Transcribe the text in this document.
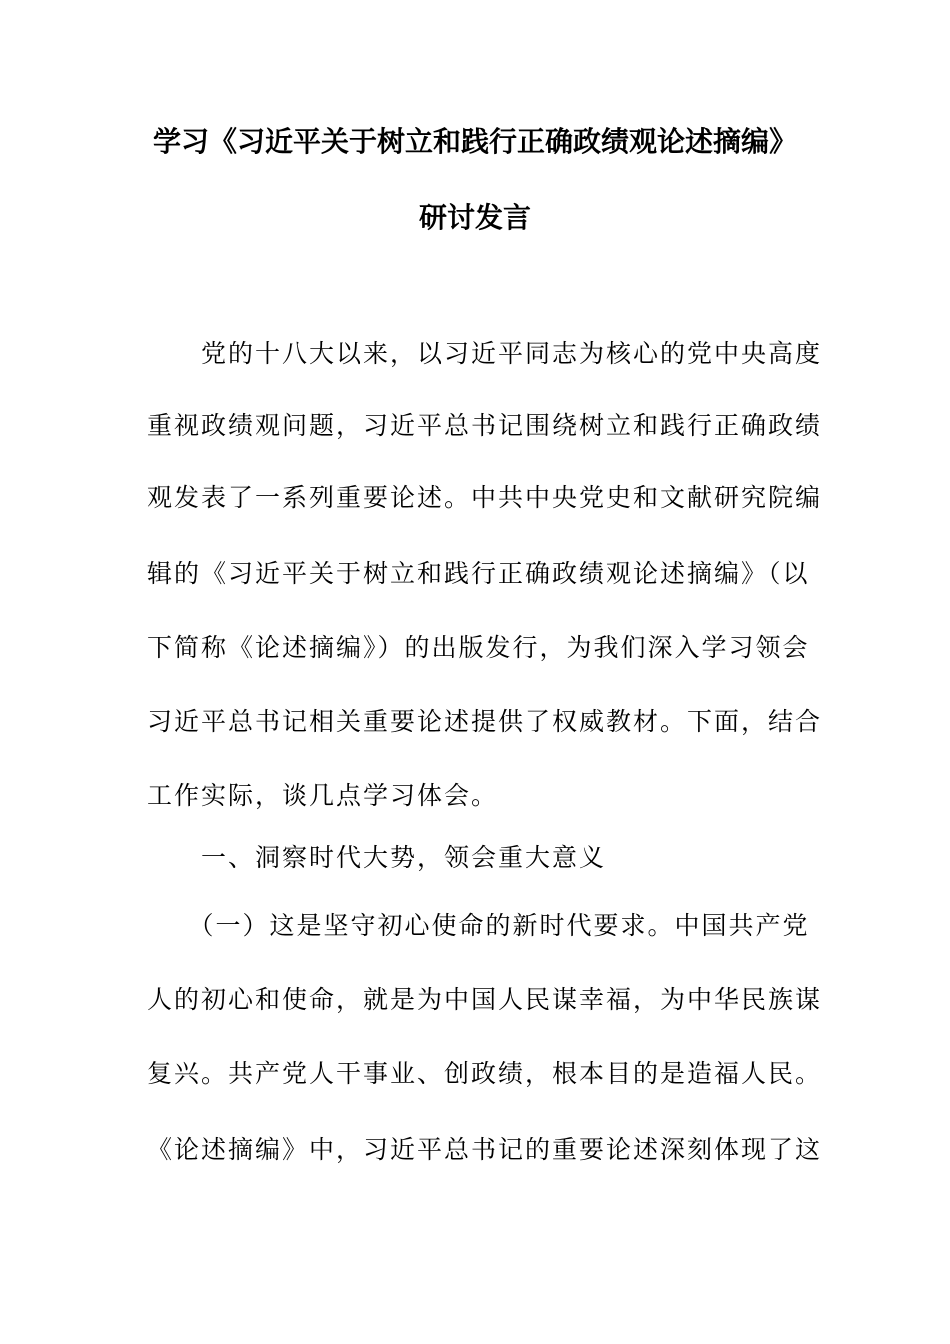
学习《习近平关于树立和践行正确政绩观论述摘编》
研讨发言
　　党的十八大以来，以习近平同志为核心的党中央高度
重视政绩观问题，习近平总书记围绕树立和践行正确政绩
观发表了一系列重要论述。中共中央党史和文献研究院编
辑的《习近平关于树立和践行正确政绩观论述摘编》（以
下简称《论述摘编》）的出版发行，为我们深入学习领会
习近平总书记相关重要论述提供了权威教材。下面，结合
工作实际，谈几点学习体会。
　　一、洞察时代大势，领会重大意义
　　（一）这是坚守初心使命的新时代要求。中国共产党
人的初心和使命，就是为中国人民谋幸福，为中华民族谋
复兴。共产党人干事业、创政绩，根本目的是造福人民。
《论述摘编》中，习近平总书记的重要论述深刻体现了这
